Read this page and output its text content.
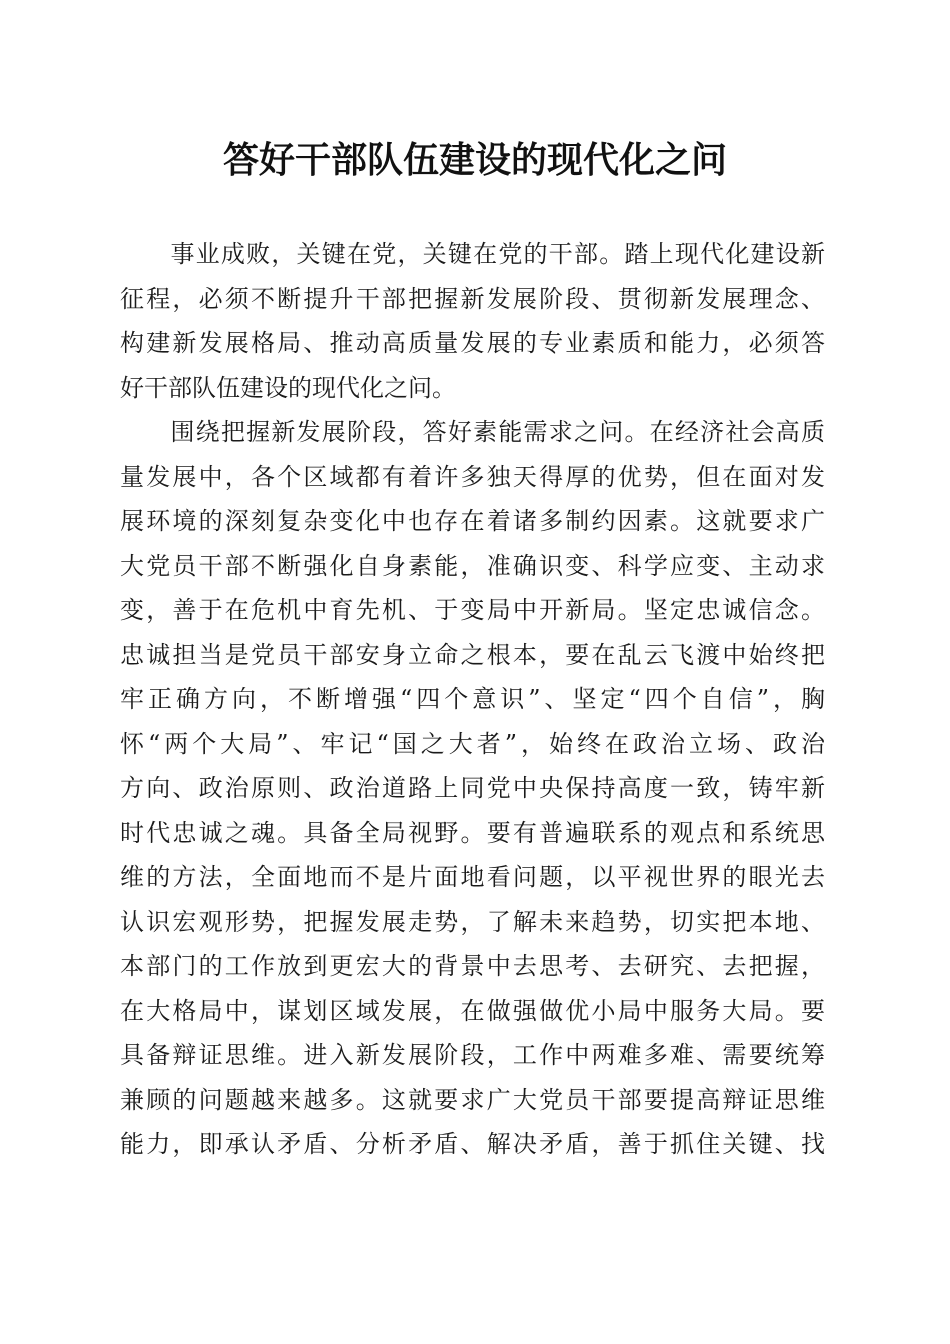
答好干部队伍建设的现代化之问
　　事业成败，关键在党，关键在党的干部。踏上现代化建设新
征程，必须不断提升干部把握新发展阶段、贯彻新发展理念、
构建新发展格局、推动高质量发展的专业素质和能力，必须答
好干部队伍建设的现代化之问。
　　围绕把握新发展阶段，答好素能需求之问。在经济社会高质
量发展中，各个区域都有着许多独天得厚的优势，但在面对发
展环境的深刻复杂变化中也存在着诸多制约因素。这就要求广
大党员干部不断强化自身素能，准确识变、科学应变、主动求
变，善于在危机中育先机、于变局中开新局。坚定忠诚信念。
忠诚担当是党员干部安身立命之根本，要在乱云飞渡中始终把
牢正确方向，不断增强“四个意识”、坚定“四个自信”，胸
怀“两个大局”、牢记“国之大者”，始终在政治立场、政治
方向、政治原则、政治道路上同党中央保持高度一致，铸牢新
时代忠诚之魂。具备全局视野。要有普遍联系的观点和系统思
维的方法，全面地而不是片面地看问题，以平视世界的眼光去
认识宏观形势，把握发展走势，了解未来趋势，切实把本地、
本部门的工作放到更宏大的背景中去思考、去研究、去把握，
在大格局中，谋划区域发展，在做强做优小局中服务大局。要
具备辩证思维。进入新发展阶段，工作中两难多难、需要统筹
兼顾的问题越来越多。这就要求广大党员干部要提高辩证思维
能力，即承认矛盾、分析矛盾、解决矛盾，善于抓住关键、找
